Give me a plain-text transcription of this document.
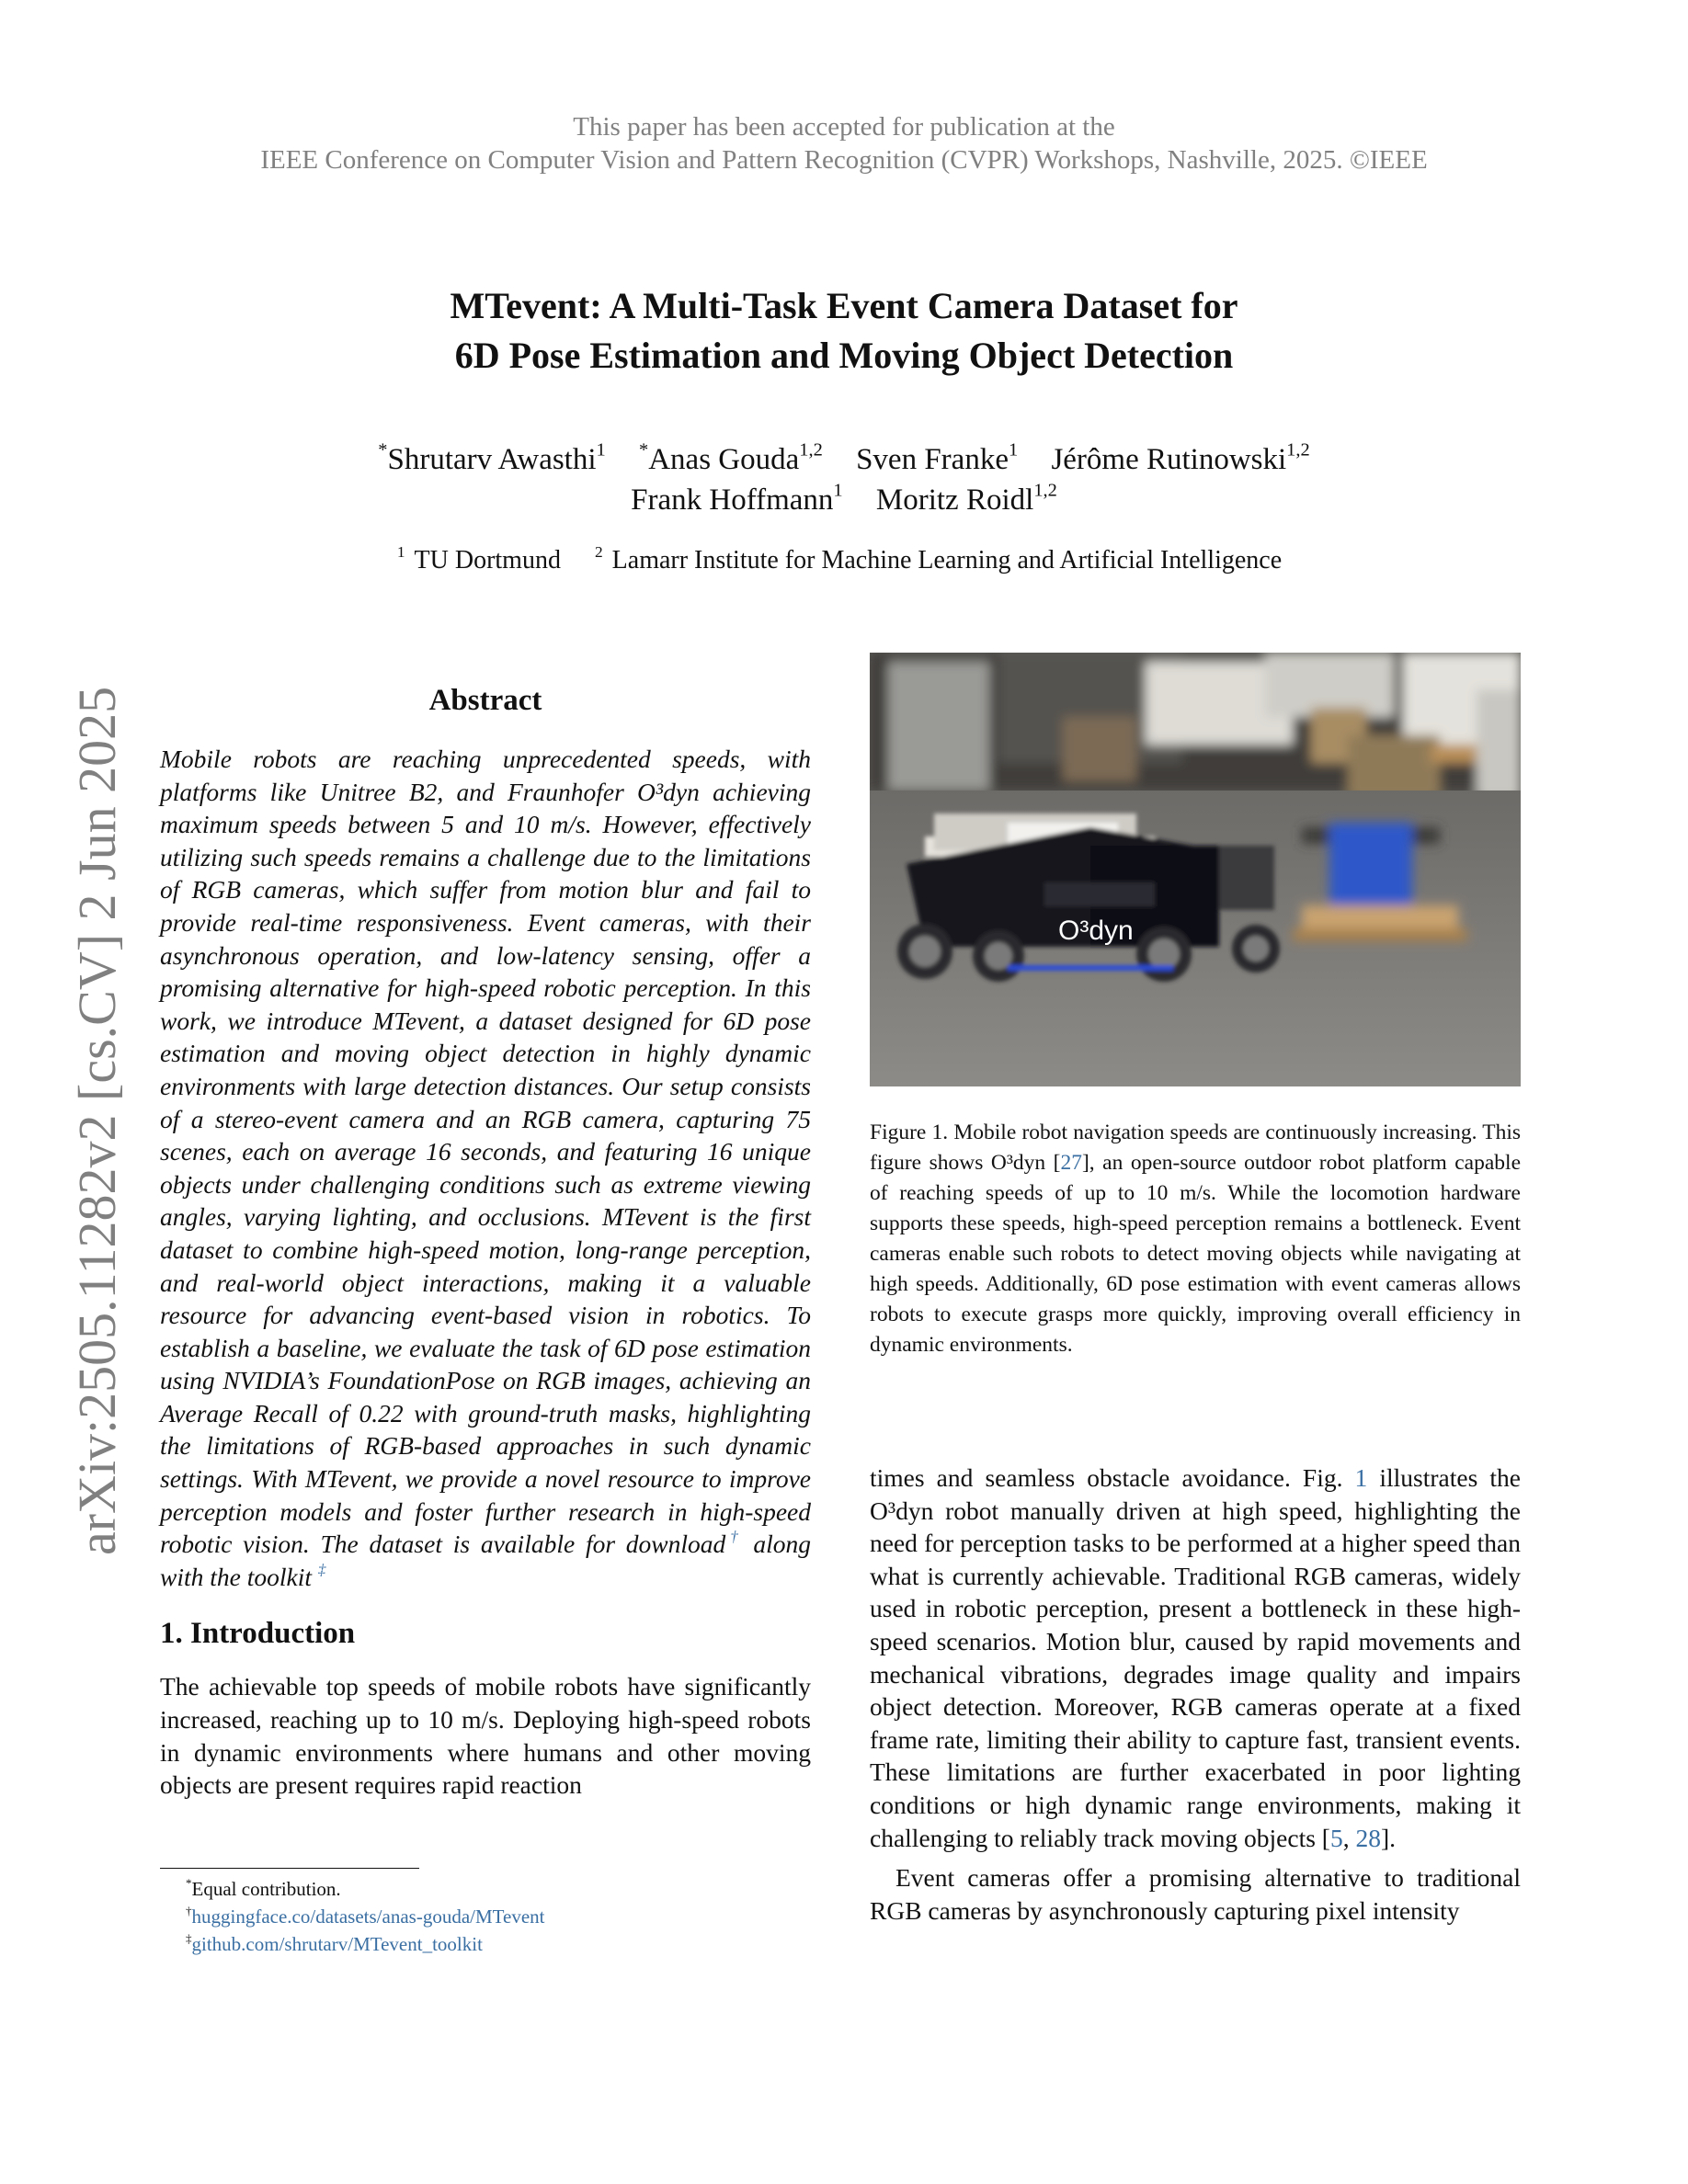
This paper has been accepted for publication at the
IEEE Conference on Computer Vision and Pattern Recognition (CVPR) Workshops, Nashville, 2025. ©IEEE
arXiv:2505.11282v2 [cs.CV] 2 Jun 2025
MTevent: A Multi-Task Event Camera Dataset for
6D Pose Estimation and Moving Object Detection
*Shrutarv Awasthi$^1$ *Anas Gouda$^{1,2}$ Sven Franke$^1$ Jérôme Rutinowski$^{1,2}$
Frank Hoffmann$^1$ Moritz Roidl$^{1,2}$
$^1$ TU Dortmund $^2$ Lamarr Institute for Machine Learning and Artificial Intelligence
Abstract

Mobile robots are reaching unprecedented speeds, with platforms like Unitree B2, and Fraunhofer O³dyn achieving maximum speeds between 5 and 10 m/s. However, effectively utilizing such speeds remains a challenge due to the limitations of RGB cameras, which suffer from motion blur and fail to provide real-time responsiveness. Event cameras, with their asynchronous operation, and low-latency sensing, offer a promising alternative for high-speed robotic perception. In this work, we introduce MTevent, a dataset designed for 6D pose estimation and moving object detection in highly dynamic environments with large detection distances. Our setup consists of a stereo-event camera and an RGB camera, capturing 75 scenes, each on average 16 seconds, and featuring 16 unique objects under challenging conditions such as extreme viewing angles, varying lighting, and occlusions. MTevent is the first dataset to combine high-speed motion, long-range perception, and real-world object interactions, making it a valuable resource for advancing event-based vision in robotics. To establish a baseline, we evaluate the task of 6D pose estimation using NVIDIA’s FoundationPose on RGB images, achieving an Average Recall of 0.22 with ground-truth masks, highlighting the limitations of RGB-based approaches in such dynamic settings. With MTevent, we provide a novel resource to improve perception models and foster further research in high-speed robotic vision. The dataset is available for download† along with the toolkit ‡

1. Introduction

The achievable top speeds of mobile robots have significantly increased, reaching up to 10 m/s. Deploying high-speed robots in dynamic environments where humans and other moving objects are present requires rapid reaction

*Equal contribution.
†huggingface.co/datasets/anas-gouda/MTevent
‡github.com/shrutarv/MTevent_toolkit
O³dyn

Figure 1. Mobile robot navigation speeds are continuously increasing. This figure shows O³dyn [27], an open-source outdoor robot platform capable of reaching speeds of up to 10 m/s. While the locomotion hardware supports these speeds, high-speed perception remains a bottleneck. Event cameras enable such robots to detect moving objects while navigating at high speeds. Additionally, 6D pose estimation with event cameras allows robots to execute grasps more quickly, improving overall efficiency in dynamic environments.

times and seamless obstacle avoidance. Fig. 1 illustrates the O³dyn robot manually driven at high speed, highlighting the need for perception tasks to be performed at a higher speed than what is currently achievable. Traditional RGB cameras, widely used in robotic perception, present a bottleneck in these high-speed scenarios. Motion blur, caused by rapid movements and mechanical vibrations, degrades image quality and impairs object detection. Moreover, RGB cameras operate at a fixed frame rate, limiting their ability to capture fast, transient events. These limitations are further exacerbated in poor lighting conditions or high dynamic range environments, making it challenging to reliably track moving objects [5, 28].

Event cameras offer a promising alternative to traditional RGB cameras by asynchronously capturing pixel intensity
